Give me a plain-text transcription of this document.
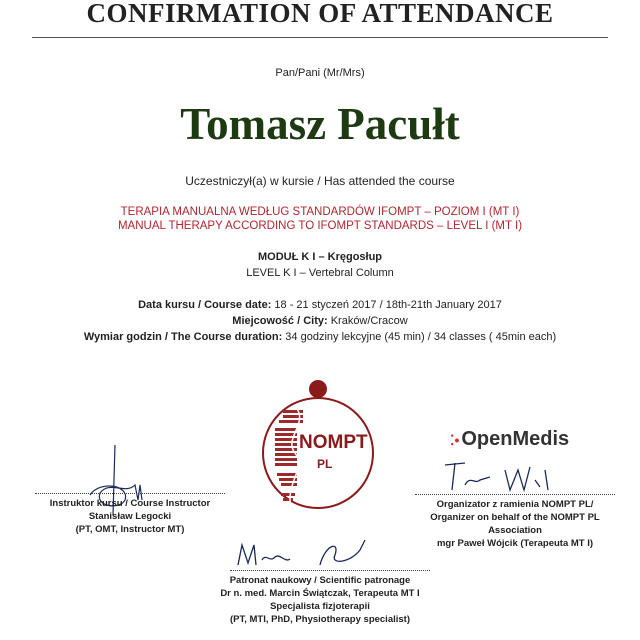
CONFIRMATION OF ATTENDANCE
Pan/Pani (Mr/Mrs)
Tomasz Pacułt
Uczestniczył(a) w kursie / Has attended the course
TERAPIA MANUALNA WEDŁUG STANDARDÓW IFOMPT – POZIOM I (MT I)
MANUAL THERAPY ACCORDING TO IFOMPT STANDARDS – LEVEL I (MT I)
MODUŁ K I – Kręgosłup
LEVEL K I – Vertebral Column
Data kursu / Course date: 18 - 21 styczeń 2017 / 18th-21th January 2017
Miejcowość / City: Kraków/Cracow
Wymiar godzin / The Course duration: 34 godziny lekcyjne (45 min) / 34 classes ( 45min each)
NOMPT
PL
⁚• OpenMedis
Instruktor kursu / Course Instructor
Stanisław Legocki
(PT, OMT, Instructor MT)
Organizator z ramienia NOMPT PL/
Organizer on behalf of the NOMPT PL
Association
mgr Paweł Wójcik (Terapeuta MT I)
Patronat naukowy / Scientific patronage
Dr n. med. Marcin Świątczak, Terapeuta MT I
Specjalista fizjoterapii
(PT, MTI, PhD, Physiotherapy specialist)
